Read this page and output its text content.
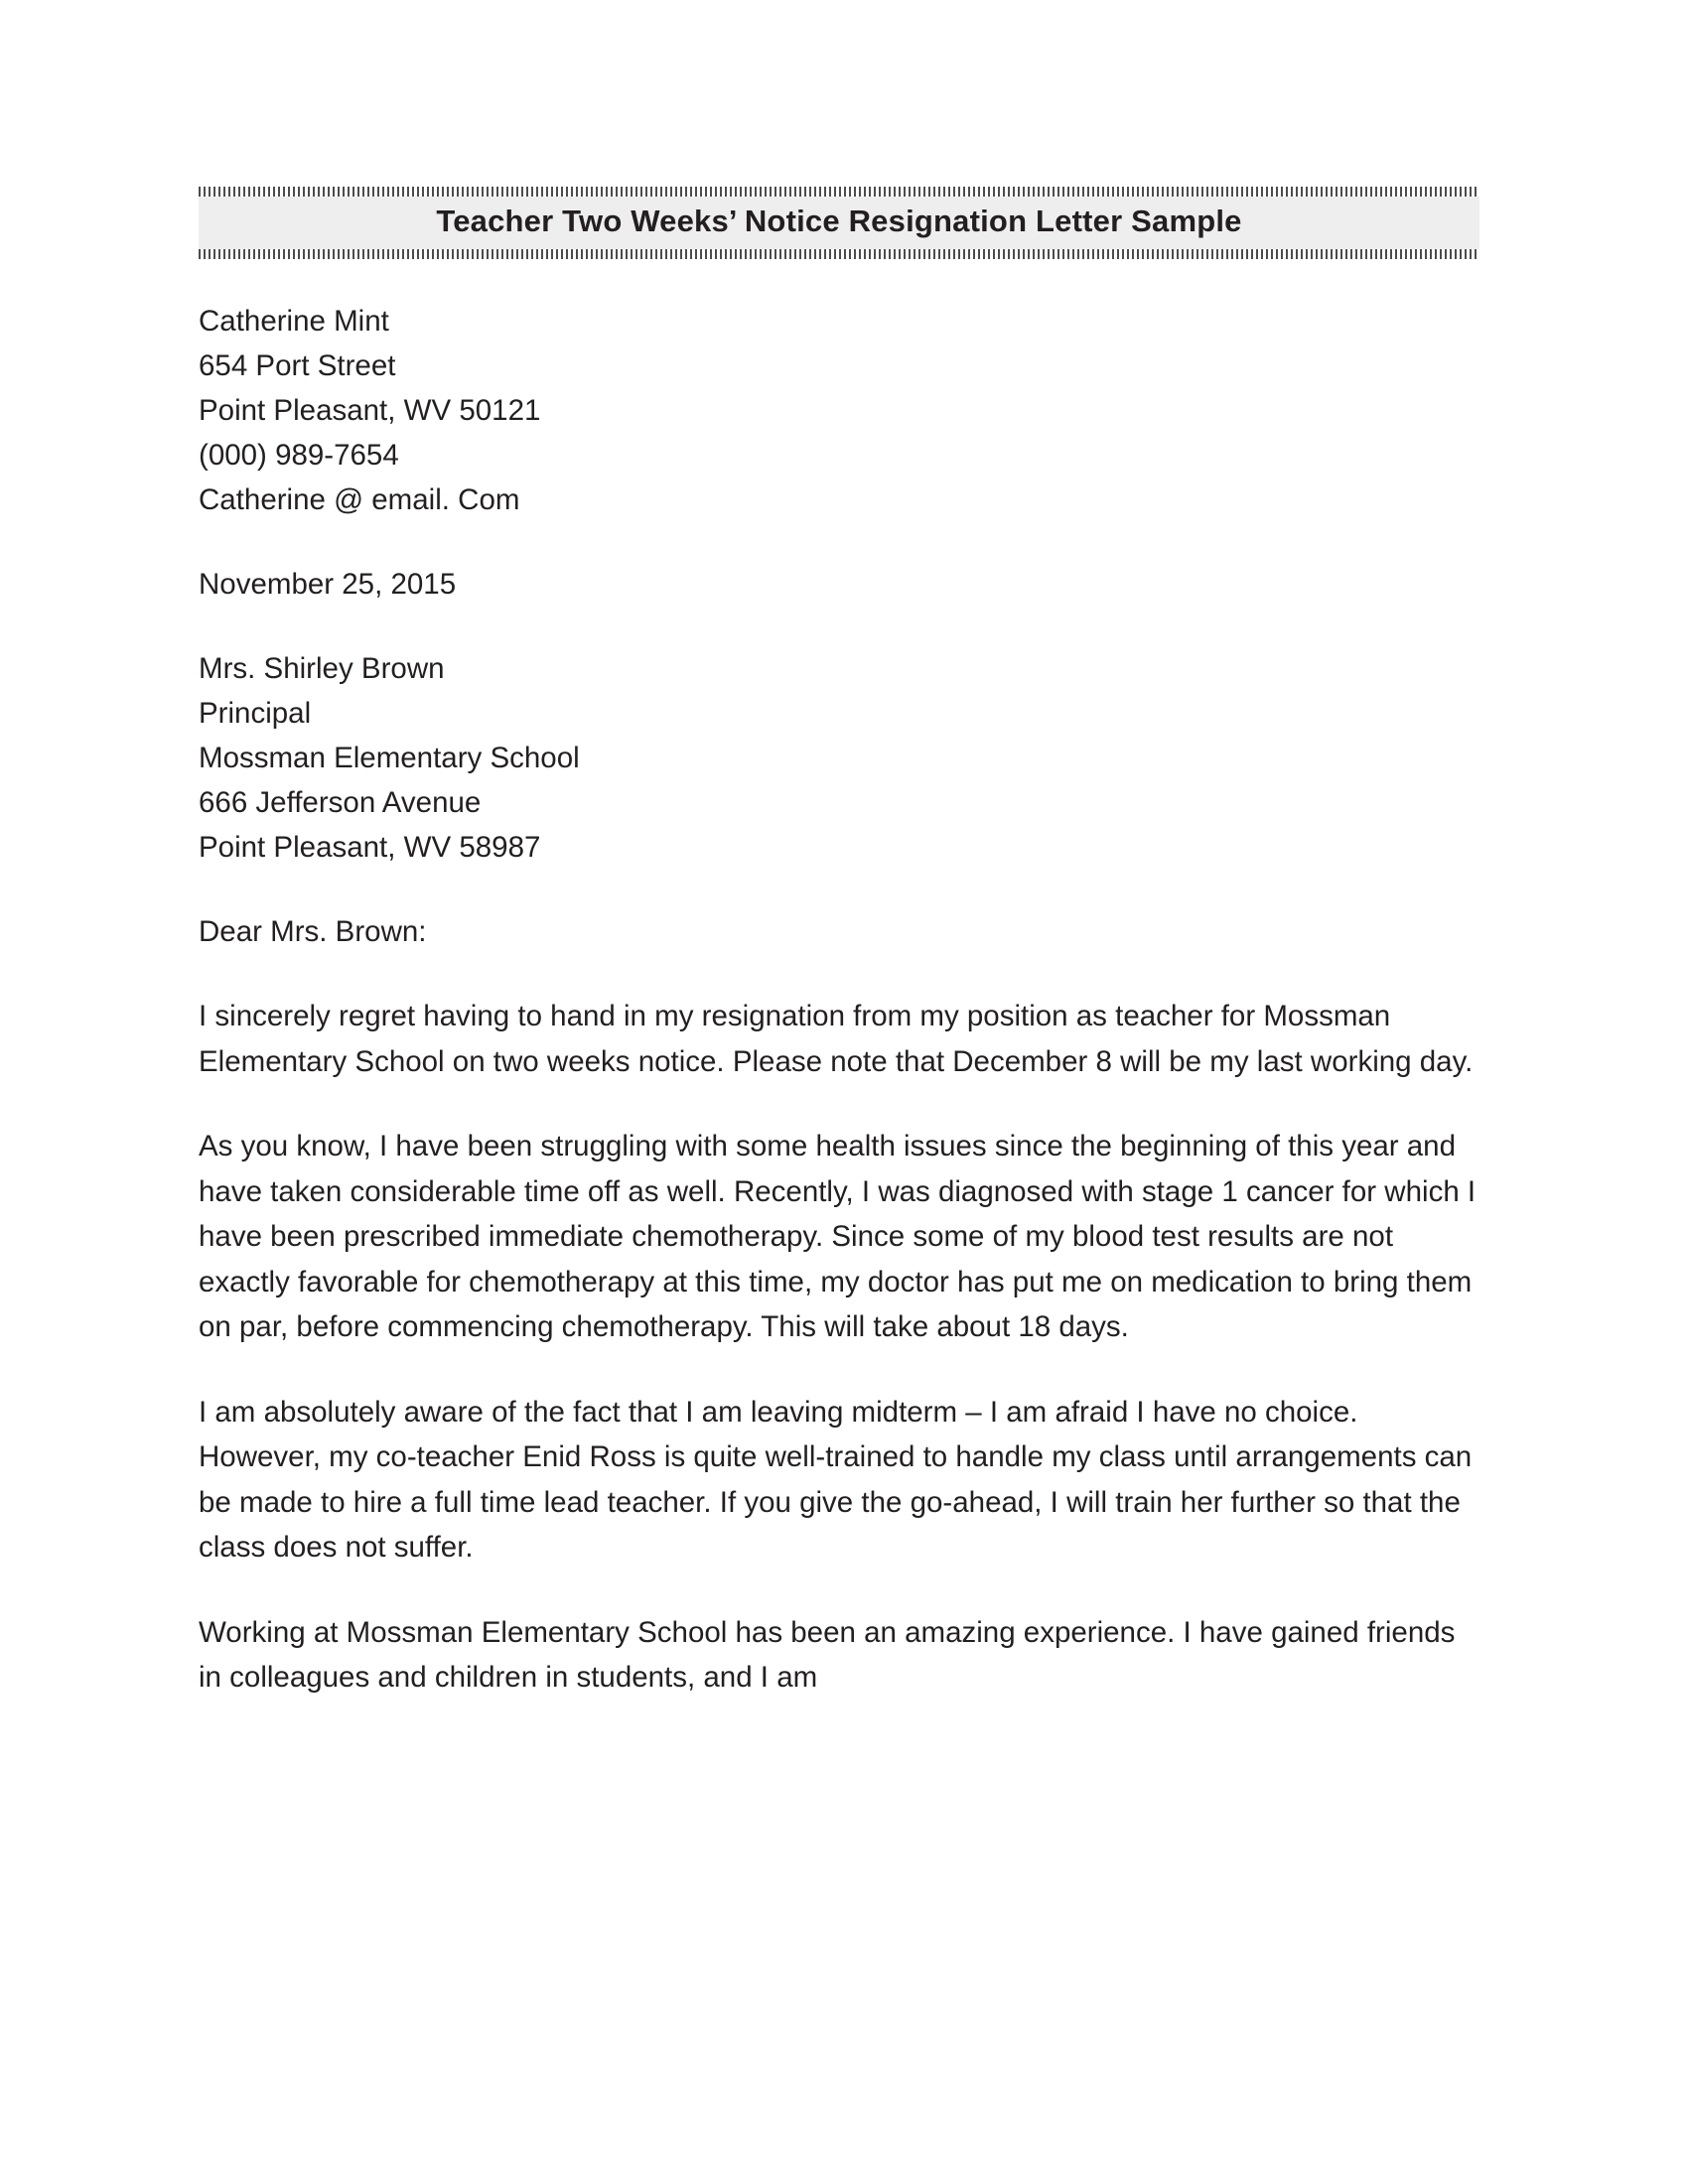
Teacher Two Weeks’ Notice Resignation Letter Sample
Catherine Mint
654 Port Street
Point Pleasant, WV 50121
(000) 989-7654
Catherine @ email. Com
November 25, 2015
Mrs. Shirley Brown
Principal
Mossman Elementary School
666 Jefferson Avenue
Point Pleasant, WV 58987
Dear Mrs. Brown:
I sincerely regret having to hand in my resignation from my position as teacher for Mossman Elementary School on two weeks notice. Please note that December 8 will be my last working day.
As you know, I have been struggling with some health issues since the beginning of this year and have taken considerable time off as well. Recently, I was diagnosed with stage 1 cancer for which I have been prescribed immediate chemotherapy. Since some of my blood test results are not exactly favorable for chemotherapy at this time, my doctor has put me on medication to bring them on par, before commencing chemotherapy. This will take about 18 days.
I am absolutely aware of the fact that I am leaving midterm – I am afraid I have no choice. However, my co-teacher Enid Ross is quite well-trained to handle my class until arrangements can be made to hire a full time lead teacher. If you give the go-ahead, I will train her further so that the class does not suffer.
Working at Mossman Elementary School has been an amazing experience. I have gained friends in colleagues and children in students, and I am
